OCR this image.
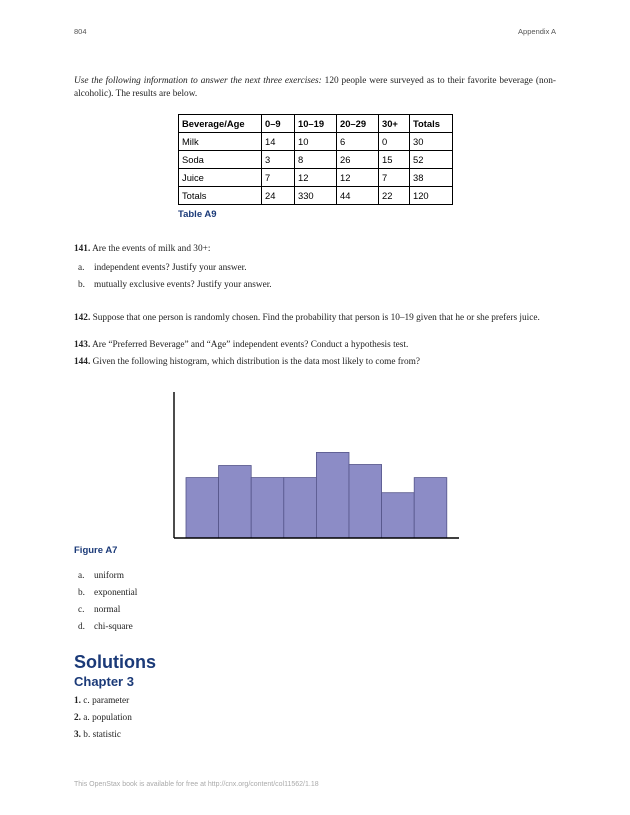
804	Appendix A
Use the following information to answer the next three exercises: 120 people were surveyed as to their favorite beverage (non-alcoholic). The results are below.
Beverage/Age	0–9	10–19	20–29	30+	Totals
Milk	14	10	6	0	30
Soda	3	8	26	15	52
Juice	7	12	12	7	38
Totals	24	330	44	22	120
Table A9
141. Are the events of milk and 30+:
a. independent events? Justify your answer.
b. mutually exclusive events? Justify your answer.
142. Suppose that one person is randomly chosen. Find the probability that person is 10–19 given that he or she prefers juice.
143. Are “Preferred Beverage” and “Age” independent events? Conduct a hypothesis test.
144. Given the following histogram, which distribution is the data most likely to come from?
Figure A7
a. uniform
b. exponential
c. normal
d. chi-square
Solutions
Chapter 3
1. c. parameter
2. a. population
3. b. statistic
This OpenStax book is available for free at http://cnx.org/content/col11562/1.18
